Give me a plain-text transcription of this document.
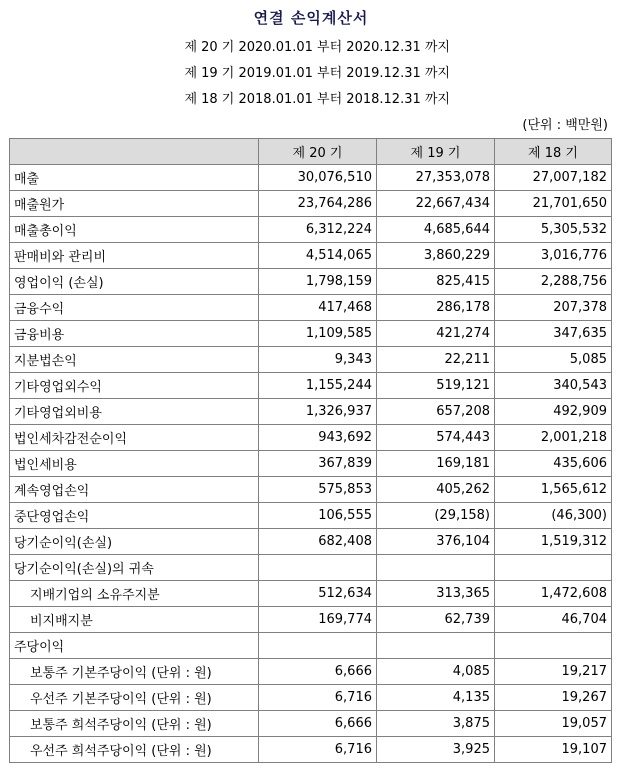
연결 손익계산서
제 20 기 2020.01.01 부터 2020.12.31 까지
제 19 기 2019.01.01 부터 2019.12.31 까지
제 18 기 2018.01.01 부터 2018.12.31 까지
(단위 : 백만원)
	제 20 기	제 19 기	제 18 기
매출	30,076,510	27,353,078	27,007,182
매출원가	23,764,286	22,667,434	21,701,650
매출총이익	6,312,224	4,685,644	5,305,532
판매비와 관리비	4,514,065	3,860,229	3,016,776
영업이익 (손실)	1,798,159	825,415	2,288,756
금융수익	417,468	286,178	207,378
금융비용	1,109,585	421,274	347,635
지분법손익	9,343	22,211	5,085
기타영업외수익	1,155,244	519,121	340,543
기타영업외비용	1,326,937	657,208	492,909
법인세차감전순이익	943,692	574,443	2,001,218
법인세비용	367,839	169,181	435,606
계속영업손익	575,853	405,262	1,565,612
중단영업손익	106,555	(29,158)	(46,300)
당기순이익(손실)	682,408	376,104	1,519,312
당기순이익(손실)의 귀속			
지배기업의 소유주지분	512,634	313,365	1,472,608
비지배지분	169,774	62,739	46,704
주당이익			
보통주 기본주당이익 (단위 : 원)	6,666	4,085	19,217
우선주 기본주당이익 (단위 : 원)	6,716	4,135	19,267
보통주 희석주당이익 (단위 : 원)	6,666	3,875	19,057
우선주 희석주당이익 (단위 : 원)	6,716	3,925	19,107
